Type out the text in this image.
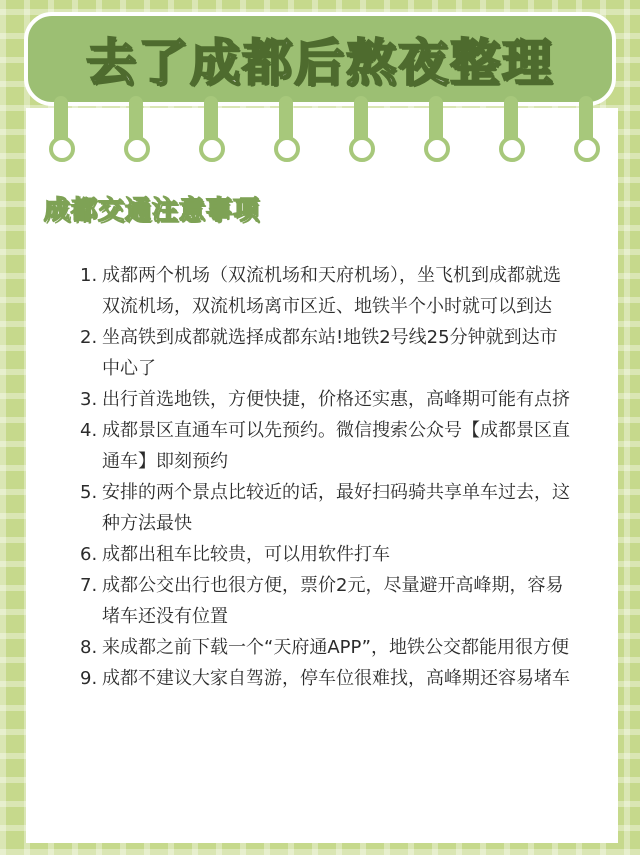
去了成都后熬夜整理
成都交通注意事项
1. 成都两个机场（双流机场和天府机场），坐飞机到成都就选双流机场，双流机场离市区近、地铁半个小时就可以到达
2. 坐高铁到成都就选择成都东站!地铁2号线25分钟就到达市中心了
3. 出行首选地铁，方便快捷，价格还实惠，高峰期可能有点挤
4. 成都景区直通车可以先预约。微信搜索公众号【成都景区直通车】即刻预约
5. 安排的两个景点比较近的话，最好扫码骑共享单车过去，这种方法最快
6. 成都出租车比较贵，可以用软件打车
7. 成都公交出行也很方便，票价2元，尽量避开高峰期，容易堵车还没有位置
8. 来成都之前下载一个“天府通APP”，地铁公交都能用很方便
9. 成都不建议大家自驾游，停车位很难找，高峰期还容易堵车
